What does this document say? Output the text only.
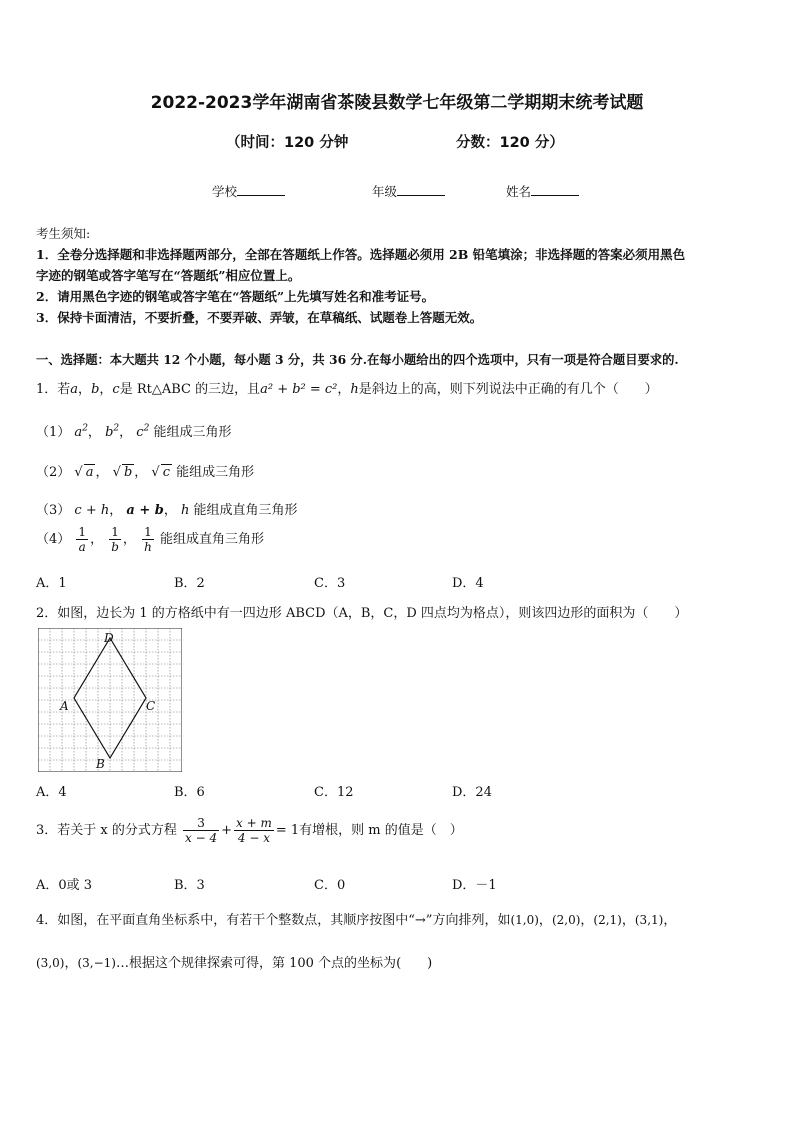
2022-2023学年湖南省茶陵县数学七年级第二学期期末统考试题
（时间：120 分钟	分数：120 分）
学校	年级	姓名
考生须知:
1．全卷分选择题和非选择题两部分，全部在答题纸上作答。选择题必须用 2B 铅笔填涂；非选择题的答案必须用黑色
字迹的钢笔或答字笔写在“答题纸”相应位置上。
2．请用黑色字迹的钢笔或答字笔在“答题纸”上先填写姓名和准考证号。
3．保持卡面清洁，不要折叠，不要弄破、弄皱，在草稿纸、试题卷上答题无效。
一、选择题：本大题共 12 个小题，每小题 3 分，共 36 分.在每小题给出的四个选项中，只有一项是符合题目要求的.
1．若a，b，c是 Rt△ABC 的三边，且a² + b² = c²，h是斜边上的高，则下列说法中正确的有几个（　　）
（1） $a^2$， $b^2$， $c^2$ 能组成三角形
（2） √ a ， √ b ， √ c 能组成三角形
（3） c + h， a + b， h 能组成直角三角形
$(4) \frac{1}{a}$ ， $\frac{1}{b}$ ， $\frac{1}{h}$ 能组成直角三角形
A．1	B．2	C．3	D．4
2．如图，边长为 1 的方格纸中有一四边形 ABCD（A，B，C，D 四点均为格点），则该四边形的面积为（　　）
D
A	C
B
A．4	B．6	C．12	D．24
3．若关于 x 的分式方程 $\frac{3}{x - 4} + \frac{x + m}{4 - x} = 1$有增根，则 m 的值是（　）
A．0或 3	B．3	C．0	D．－1
4．如图，在平面直角坐标系中，有若干个整数点，其顺序按图中“→”方向排列，如(1,0)，(2,0)，(2,1)，(3,1)，
(3,0)，(3,−1)…根据这个规律探索可得，第 100 个点的坐标为(　　)
